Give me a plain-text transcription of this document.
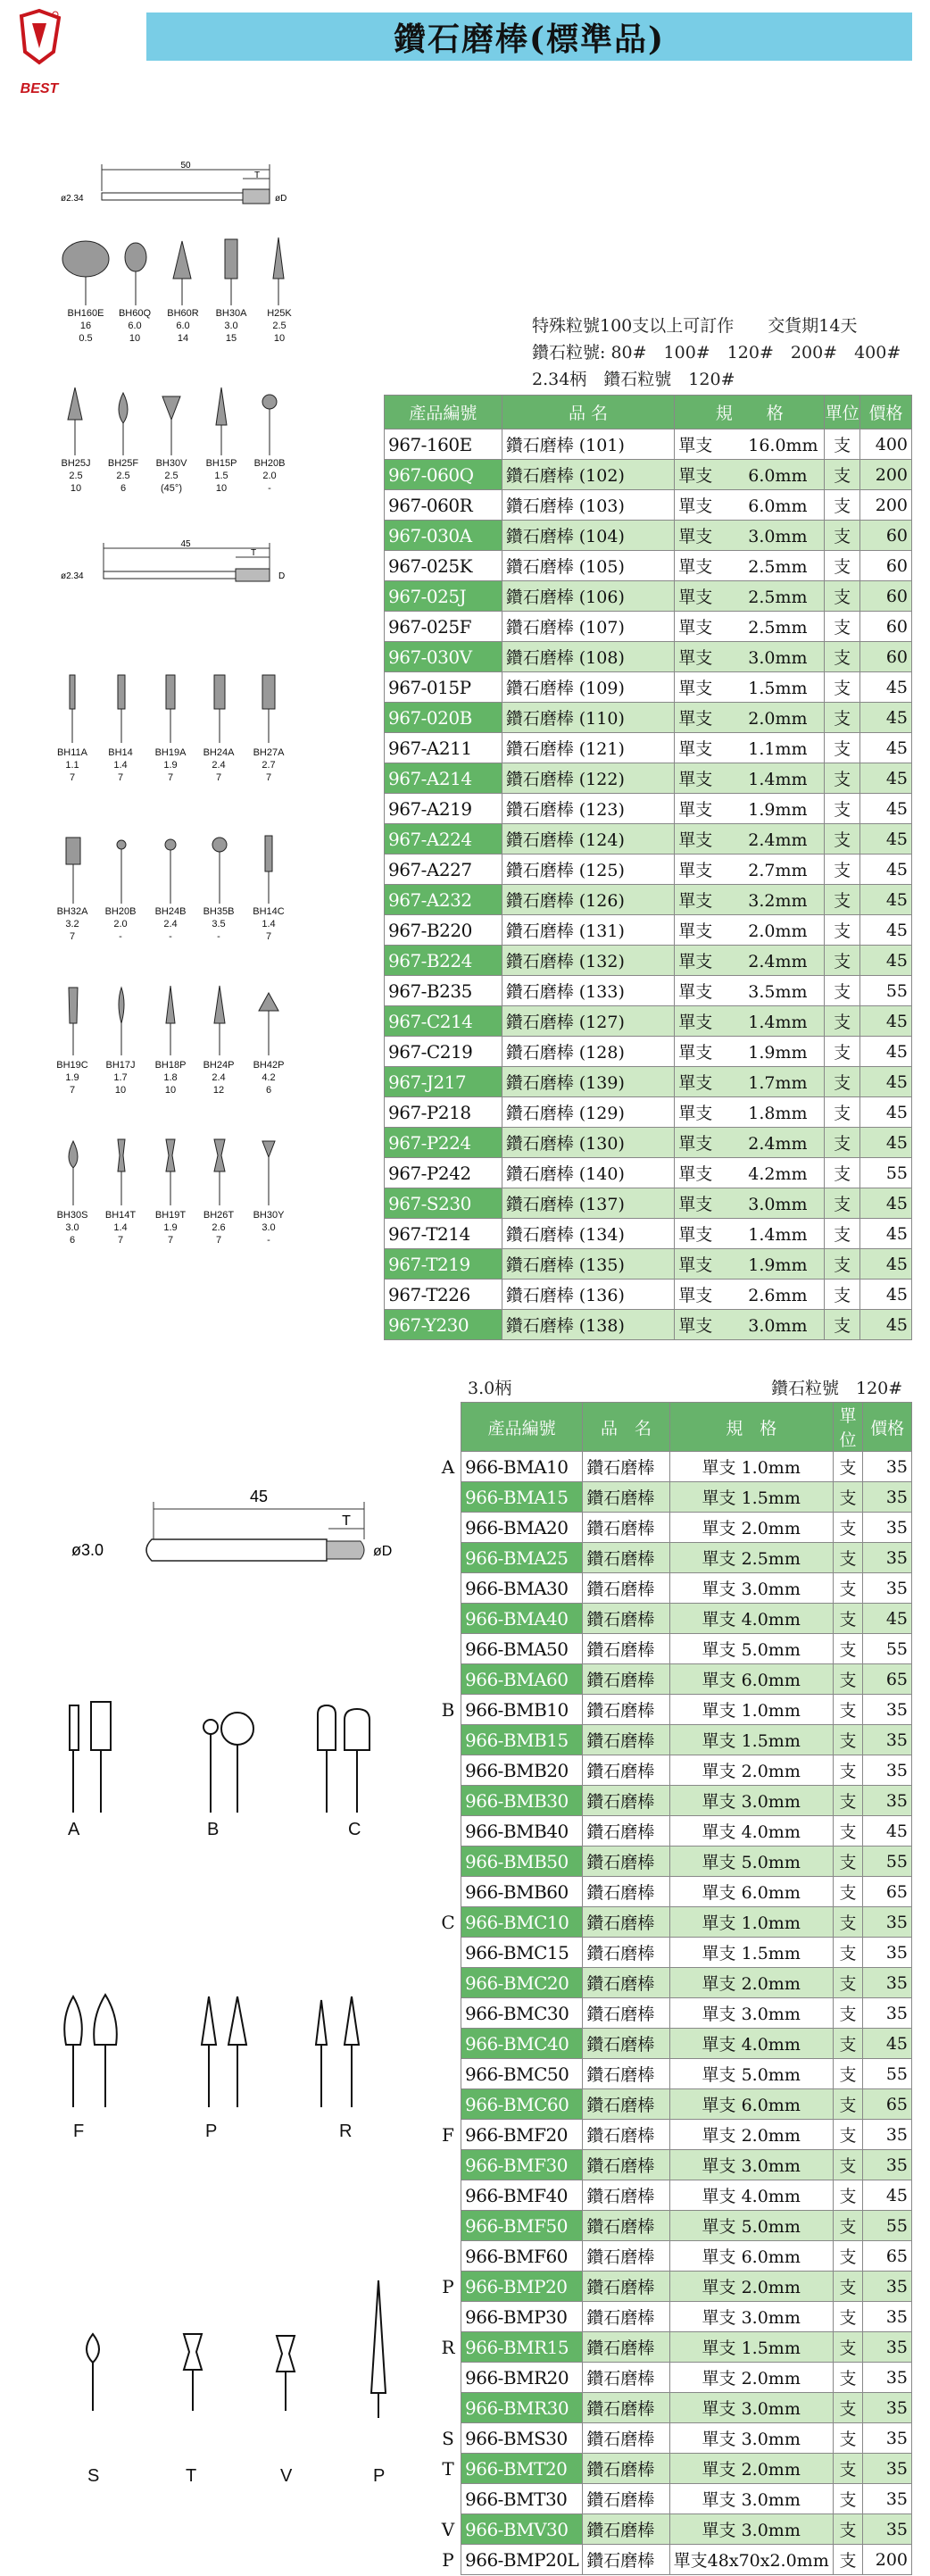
BEST
鑽石磨棒(標準品)
50
T
ø2.34	øD
BH160E
16
0.5
BH60Q
6.0
10
BH60R
6.0
14
BH30A
3.0
15
H25K
2.5
10
BH25J
2.5
10
BH25F
2.5
6
BH30V
2.5
(45°)
BH15P
1.5
10
BH20B
2.0
-
45
T
ø2.34	D
BH11A
1.1
7
BH14
1.4
7
BH19A
1.9
7
BH24A
2.4
7
BH27A
2.7
7
BH32A
3.2
7
BH20B
2.0
-
BH24B
2.4
-
BH35B
3.5
-
BH14C
1.4
7
BH19C
1.9
7
BH17J
1.7
10
BH18P
1.8
10
BH24P
2.4
12
BH42P
4.2
6
BH30S
3.0
6
BH14T
1.4
7
BH19T
1.9
7
BH26T
2.6
7
BH30Y
3.0
-
特殊粒號100支以上可訂作　　交貨期14天
鑽石粒號: 80#　100#　120#　200#　400#
2.34柄　鑽石粒號　120#
產品編號	品 名	規　　格	單位	價格
967-160E	鑽石磨棒 (101)	單支 16.0mm	支	400
967-060Q	鑽石磨棒 (102)	單支 6.0mm	支	200
967-060R	鑽石磨棒 (103)	單支 6.0mm	支	200
967-030A	鑽石磨棒 (104)	單支 3.0mm	支	60
967-025K	鑽石磨棒 (105)	單支 2.5mm	支	60
967-025J	鑽石磨棒 (106)	單支 2.5mm	支	60
967-025F	鑽石磨棒 (107)	單支 2.5mm	支	60
967-030V	鑽石磨棒 (108)	單支 3.0mm	支	60
967-015P	鑽石磨棒 (109)	單支 1.5mm	支	45
967-020B	鑽石磨棒 (110)	單支 2.0mm	支	45
967-A211	鑽石磨棒 (121)	單支 1.1mm	支	45
967-A214	鑽石磨棒 (122)	單支 1.4mm	支	45
967-A219	鑽石磨棒 (123)	單支 1.9mm	支	45
967-A224	鑽石磨棒 (124)	單支 2.4mm	支	45
967-A227	鑽石磨棒 (125)	單支 2.7mm	支	45
967-A232	鑽石磨棒 (126)	單支 3.2mm	支	45
967-B220	鑽石磨棒 (131)	單支 2.0mm	支	45
967-B224	鑽石磨棒 (132)	單支 2.4mm	支	45
967-B235	鑽石磨棒 (133)	單支 3.5mm	支	55
967-C214	鑽石磨棒 (127)	單支 1.4mm	支	45
967-C219	鑽石磨棒 (128)	單支 1.9mm	支	45
967-J217	鑽石磨棒 (139)	單支 1.7mm	支	45
967-P218	鑽石磨棒 (129)	單支 1.8mm	支	45
967-P224	鑽石磨棒 (130)	單支 2.4mm	支	45
967-P242	鑽石磨棒 (140)	單支 4.2mm	支	55
967-S230	鑽石磨棒 (137)	單支 3.0mm	支	45
967-T214	鑽石磨棒 (134)	單支 1.4mm	支	45
967-T219	鑽石磨棒 (135)	單支 1.9mm	支	45
967-T226	鑽石磨棒 (136)	單支 2.6mm	支	45
967-Y230	鑽石磨棒 (138)	單支 3.0mm	支	45
3.0柄	鑽石粒號　120#
45
T
ø3.0	øD
A	B	C
F	P	R
S	T	V	P
A
B
C
F
P
R
S
T
V
P
產品編號	品　名	規　格	單位	價格
966-BMA10	鑽石磨棒	單支 1.0mm	支	35
966-BMA15	鑽石磨棒	單支 1.5mm	支	35
966-BMA20	鑽石磨棒	單支 2.0mm	支	35
966-BMA25	鑽石磨棒	單支 2.5mm	支	35
966-BMA30	鑽石磨棒	單支 3.0mm	支	35
966-BMA40	鑽石磨棒	單支 4.0mm	支	45
966-BMA50	鑽石磨棒	單支 5.0mm	支	55
966-BMA60	鑽石磨棒	單支 6.0mm	支	65
966-BMB10	鑽石磨棒	單支 1.0mm	支	35
966-BMB15	鑽石磨棒	單支 1.5mm	支	35
966-BMB20	鑽石磨棒	單支 2.0mm	支	35
966-BMB30	鑽石磨棒	單支 3.0mm	支	35
966-BMB40	鑽石磨棒	單支 4.0mm	支	45
966-BMB50	鑽石磨棒	單支 5.0mm	支	55
966-BMB60	鑽石磨棒	單支 6.0mm	支	65
966-BMC10	鑽石磨棒	單支 1.0mm	支	35
966-BMC15	鑽石磨棒	單支 1.5mm	支	35
966-BMC20	鑽石磨棒	單支 2.0mm	支	35
966-BMC30	鑽石磨棒	單支 3.0mm	支	35
966-BMC40	鑽石磨棒	單支 4.0mm	支	45
966-BMC50	鑽石磨棒	單支 5.0mm	支	55
966-BMC60	鑽石磨棒	單支 6.0mm	支	65
966-BMF20	鑽石磨棒	單支 2.0mm	支	35
966-BMF30	鑽石磨棒	單支 3.0mm	支	35
966-BMF40	鑽石磨棒	單支 4.0mm	支	45
966-BMF50	鑽石磨棒	單支 5.0mm	支	55
966-BMF60	鑽石磨棒	單支 6.0mm	支	65
966-BMP20	鑽石磨棒	單支 2.0mm	支	35
966-BMP30	鑽石磨棒	單支 3.0mm	支	35
966-BMR15	鑽石磨棒	單支 1.5mm	支	35
966-BMR20	鑽石磨棒	單支 2.0mm	支	35
966-BMR30	鑽石磨棒	單支 3.0mm	支	35
966-BMS30	鑽石磨棒	單支 3.0mm	支	35
966-BMT20	鑽石磨棒	單支 2.0mm	支	35
966-BMT30	鑽石磨棒	單支 3.0mm	支	35
966-BMV30	鑽石磨棒	單支 3.0mm	支	35
966-BMP20L	鑽石磨棒	單支48x70x2.0mm	支	200
